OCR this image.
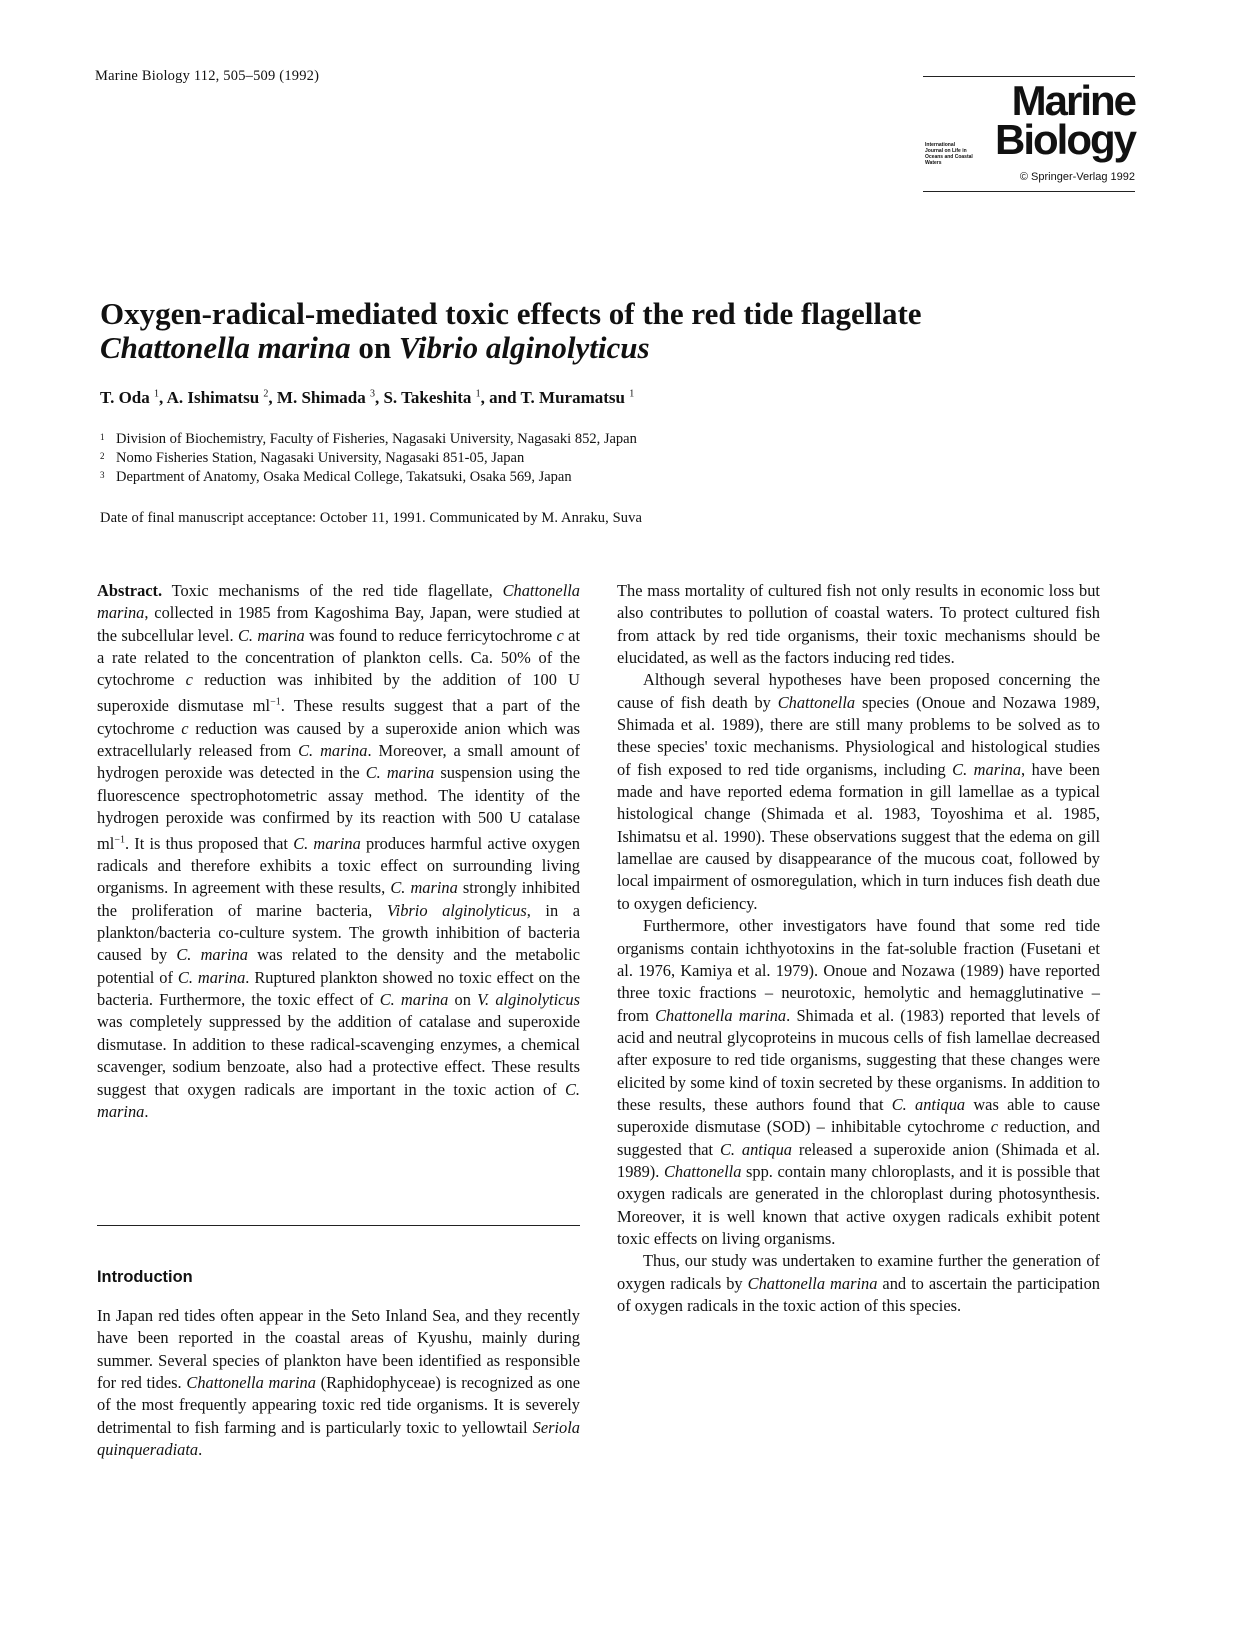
Marine Biology 112, 505–509 (1992)
Marine
International Journal on Life in Oceans and Coastal Waters	Biology
© Springer-Verlag 1992
Oxygen-radical-mediated toxic effects of the red tide flagellate
Chattonella marina on Vibrio alginolyticus
T. Oda $^1$, A. Ishimatsu $^2$, M. Shimada $^3$, S. Takeshita $^1$, and T. Muramatsu $^1$
1 Division of Biochemistry, Faculty of Fisheries, Nagasaki University, Nagasaki 852, Japan
2 Nomo Fisheries Station, Nagasaki University, Nagasaki 851-05, Japan
3 Department of Anatomy, Osaka Medical College, Takatsuki, Osaka 569, Japan
Date of final manuscript acceptance: October 11, 1991. Communicated by M. Anraku, Suva

Abstract. Toxic mechanisms of the red tide flagellate, Chattonella marina, collected in 1985 from Kagoshima Bay, Japan, were studied at the subcellular level. C. marina was found to reduce ferricytochrome c at a rate related to the concentration of plankton cells. Ca. 50% of the cytochrome c reduction was inhibited by the addition of 100 U superoxide dismutase $ml^{-1}$. These results suggest that a part of the cytochrome c reduction was caused by a superoxide anion which was extracellularly released from C. marina. Moreover, a small amount of hydrogen peroxide was detected in the C. marina suspension using the fluorescence spectrophotometric assay method. The identity of the hydrogen peroxide was confirmed by its reaction with 500 U catalase $ml^{-1}$. It is thus proposed that C. marina produces harmful active oxygen radicals and therefore exhibits a toxic effect on surrounding living organisms. In agreement with these results, C. marina strongly inhibited the proliferation of marine bacteria, Vibrio alginolyticus, in a plankton/bacteria co-culture system. The growth inhibition of bacteria caused by C. marina was related to the density and the metabolic potential of C. marina. Ruptured plankton showed no toxic effect on the bacteria. Furthermore, the toxic effect of C. marina on V. alginolyticus was completely suppressed by the addition of catalase and superoxide dismutase. In addition to these radical-scavenging enzymes, a chemical scavenger, sodium benzoate, also had a protective effect. These results suggest that oxygen radicals are important in the toxic action of C. marina.

Introduction

In Japan red tides often appear in the Seto Inland Sea, and they recently have been reported in the coastal areas of Kyushu, mainly during summer. Several species of plankton have been identified as responsible for red tides. Chattonella marina (Raphidophyceae) is recognized as one of the most frequently appearing toxic red tide organisms. It is severely detrimental to fish farming and is particularly toxic to yellowtail Seriola quinqueradiata.

The mass mortality of cultured fish not only results in economic loss but also contributes to pollution of coastal waters. To protect cultured fish from attack by red tide organisms, their toxic mechanisms should be elucidated, as well as the factors inducing red tides.

Although several hypotheses have been proposed concerning the cause of fish death by Chattonella species (Onoue and Nozawa 1989, Shimada et al. 1989), there are still many problems to be solved as to these species' toxic mechanisms. Physiological and histological studies of fish exposed to red tide organisms, including C. marina, have been made and have reported edema formation in gill lamellae as a typical histological change (Shimada et al. 1983, Toyoshima et al. 1985, Ishimatsu et al. 1990). These observations suggest that the edema on gill lamellae are caused by disappearance of the mucous coat, followed by local impairment of osmoregulation, which in turn induces fish death due to oxygen deficiency.

Furthermore, other investigators have found that some red tide organisms contain ichthyotoxins in the fat-soluble fraction (Fusetani et al. 1976, Kamiya et al. 1979). Onoue and Nozawa (1989) have reported three toxic fractions – neurotoxic, hemolytic and hemagglutinative – from Chattonella marina. Shimada et al. (1983) reported that levels of acid and neutral glycoproteins in mucous cells of fish lamellae decreased after exposure to red tide organisms, suggesting that these changes were elicited by some kind of toxin secreted by these organisms. In addition to these results, these authors found that C. antiqua was able to cause superoxide dismutase (SOD) – inhibitable cytochrome c reduction, and suggested that C. antiqua released a superoxide anion (Shimada et al. 1989). Chattonella spp. contain many chloroplasts, and it is possible that oxygen radicals are generated in the chloroplast during photosynthesis. Moreover, it is well known that active oxygen radicals exhibit potent toxic effects on living organisms.

Thus, our study was undertaken to examine further the generation of oxygen radicals by Chattonella marina and to ascertain the participation of oxygen radicals in the toxic action of this species.
